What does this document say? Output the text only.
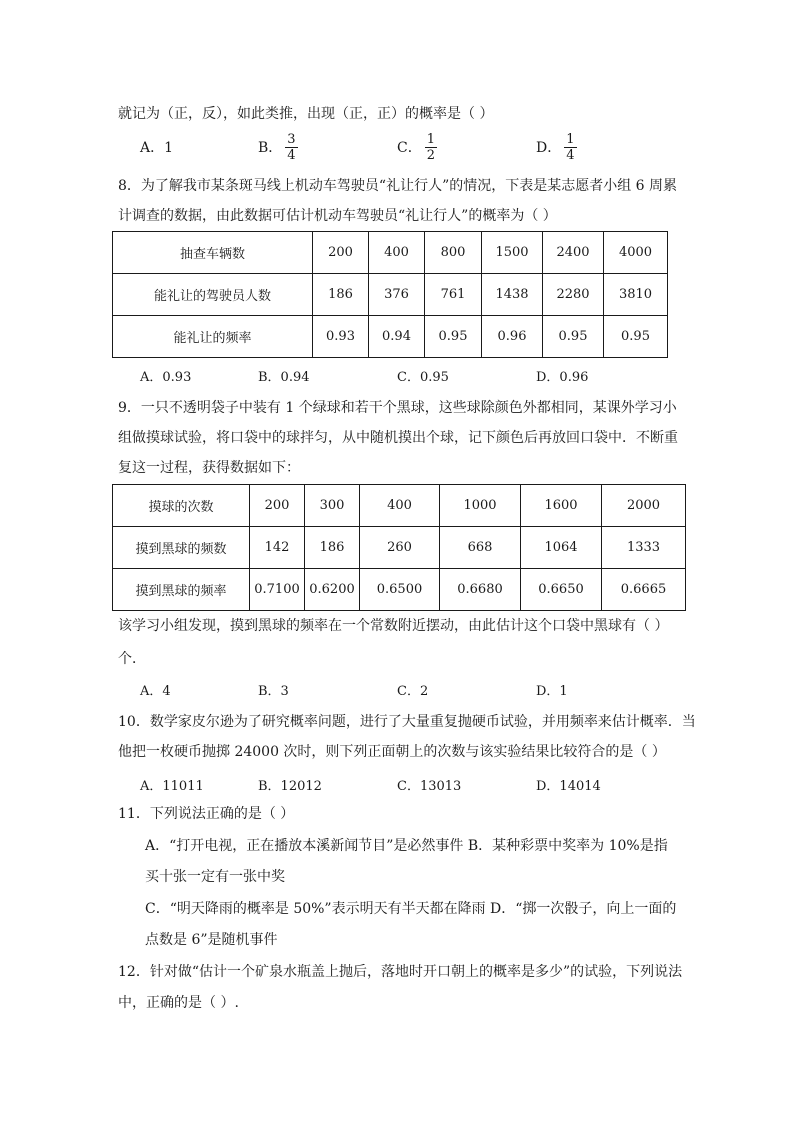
就记为（正，反），如此类推，出现（正，正）的概率是（ ）
A．1	B． $\frac{3}{4}$	C． $\frac{1}{2}$	D． $\frac{1}{4}$
8．为了解我市某条斑马线上机动车驾驶员“礼让行人”的情况，下表是某志愿者小组 6 周累
计调查的数据，由此数据可估计机动车驾驶员“礼让行人”的概率为（ ）
抽查车辆数	200	400	800	1500	2400	4000
能礼让的驾驶员人数	186	376	761	1438	2280	3810
能礼让的频率	0.93	0.94	0.95	0.96	0.95	0.95
A．0.93	B．0.94	C．0.95	D．0.96
9．一只不透明袋子中装有 1 个绿球和若干个黑球，这些球除颜色外都相同，某课外学习小
组做摸球试验，将口袋中的球拌匀，从中随机摸出个球，记下颜色后再放回口袋中．不断重
复这一过程，获得数据如下：
摸球的次数	200	300	400	1000	1600	2000
摸到黑球的频数	142	186	260	668	1064	1333
摸到黑球的频率	0.7100	0.6200	0.6500	0.6680	0.6650	0.6665
该学习小组发现，摸到黑球的频率在一个常数附近摆动，由此估计这个口袋中黑球有（ ）
个．
A．4	B．3	C．2	D．1
10．数学家皮尔逊为了研究概率问题，进行了大量重复抛硬币试验，并用频率来估计概率．当
他把一枚硬币抛掷 24000 次时，则下列正面朝上的次数与该实验结果比较符合的是（ ）
A．11011	B．12012	C．13013	D．14014
11．下列说法正确的是（ ）
A．“打开电视，正在播放本溪新闻节目”是必然事件 B．某种彩票中奖率为 10%是指
买十张一定有一张中奖
C．“明天降雨的概率是 50%”表示明天有半天都在降雨 D．“掷一次骰子，向上一面的
点数是 6”是随机事件
12．针对做“估计一个矿泉水瓶盖上抛后，落地时开口朝上的概率是多少”的试验，下列说法
中，正确的是（ ）.
